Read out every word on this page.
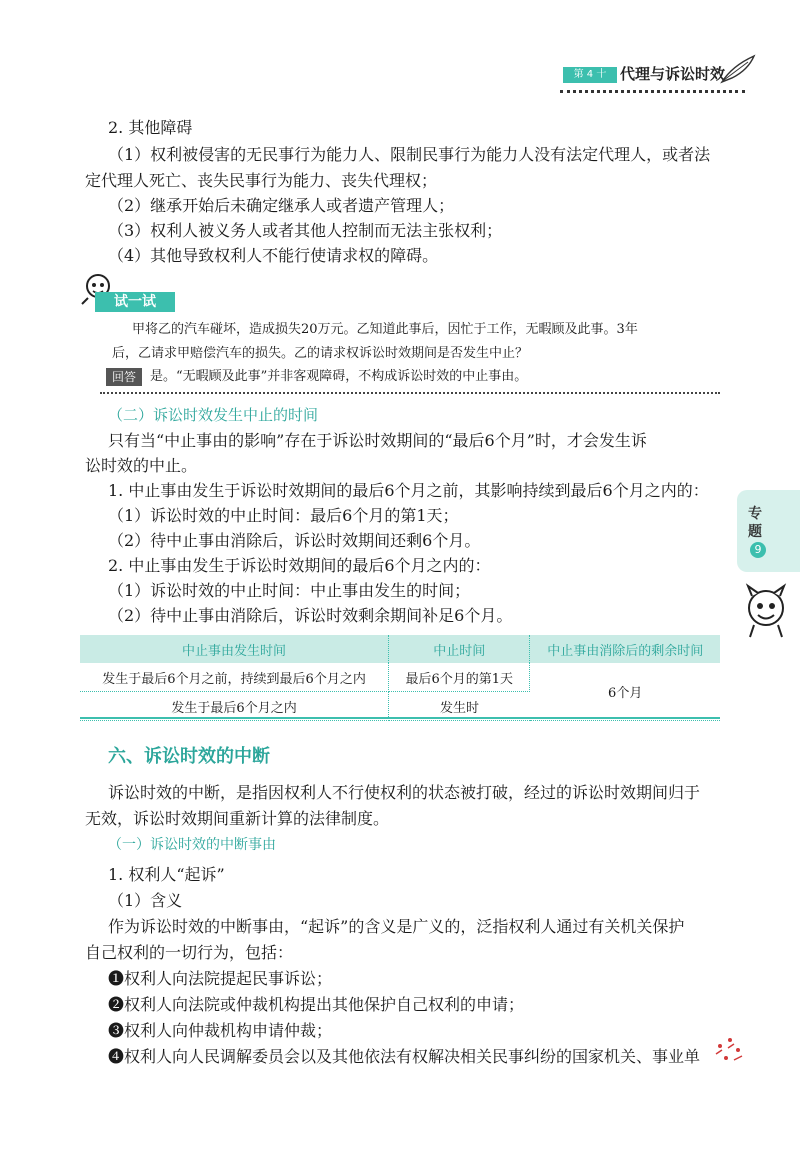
第 4 十 代理与诉讼时效
专题
9
2. 其他障碍
（1）权利被侵害的无民事行为能力人、限制民事行为能力人没有法定代理人，或者法
定代理人死亡、丧失民事行为能力、丧失代理权；
（2）继承开始后未确定继承人或者遗产管理人；
（3）权利人被义务人或者其他人控制而无法主张权利；
（4）其他导致权利人不能行使请求权的障碍。
试一试
甲将乙的汽车碰坏，造成损失20万元。乙知道此事后，因忙于工作，无暇顾及此事。3年
后，乙请求甲赔偿汽车的损失。乙的请求权诉讼时效期间是否发生中止？
回答	是。“无暇顾及此事”并非客观障碍，不构成诉讼时效的中止事由。
（二）诉讼时效发生中止的时间
只有当“中止事由的影响”存在于诉讼时效期间的“最后6个月”时，才会发生诉
讼时效的中止。
1. 中止事由发生于诉讼时效期间的最后6个月之前，其影响持续到最后6个月之内的：
（1）诉讼时效的中止时间：最后6个月的第1天；
（2）待中止事由消除后，诉讼时效期间还剩6个月。
2. 中止事由发生于诉讼时效期间的最后6个月之内的：
（1）诉讼时效的中止时间：中止事由发生的时间；
（2）待中止事由消除后，诉讼时效剩余期间补足6个月。
中止事由发生时间	中止时间	中止事由消除后的剩余时间
发生于最后6个月之前，持续到最后6个月之内	最后6个月的第1天	6个月
发生于最后6个月之内	发生时	
六、诉讼时效的中断
诉讼时效的中断，是指因权利人不行使权利的状态被打破，经过的诉讼时效期间归于
无效，诉讼时效期间重新计算的法律制度。
（一）诉讼时效的中断事由
1. 权利人“起诉”
（1）含义
作为诉讼时效的中断事由，“起诉”的含义是广义的，泛指权利人通过有关机关保护
自己权利的一切行为，包括：
❶权利人向法院提起民事诉讼；
❷权利人向法院或仲裁机构提出其他保护自己权利的申请；
❸权利人向仲裁机构申请仲裁；
❹权利人向人民调解委员会以及其他依法有权解决相关民事纠纷的国家机关、事业单
